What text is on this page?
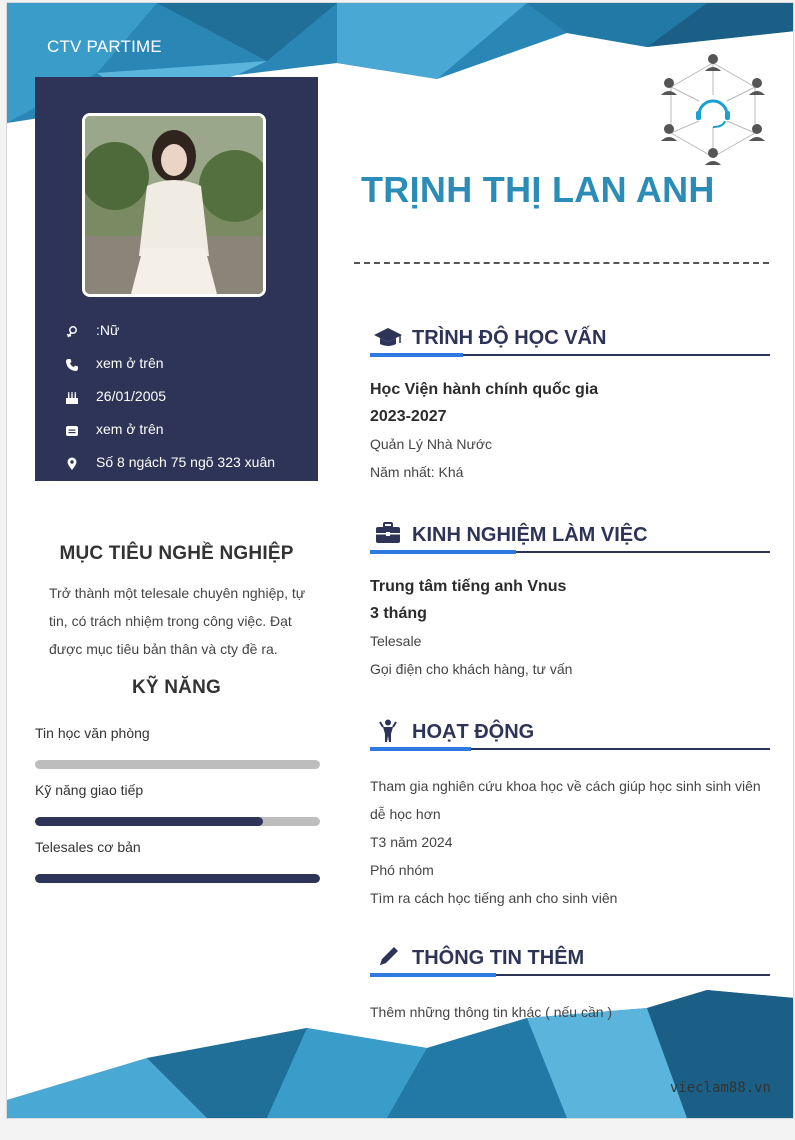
CTV PARTIME
:Nữ
xem ở trên
26/01/2005
xem ở trên
Số 8 ngách 75 ngõ 323 xuân
MỤC TIÊU NGHỀ NGHIỆP
Trở thành một telesale chuyên nghiệp, tự tin, có trách nhiệm trong công việc. Đạt được mục tiêu bản thân và cty đề ra.
KỸ NĂNG
Tin học văn phòng
Kỹ năng giao tiếp
Telesales cơ bản
TRỊNH THỊ LAN ANH
TRÌNH ĐỘ HỌC VẤN
Học Viện hành chính quốc gia
2023-2027
Quản Lý Nhà Nước
Năm nhất: Khá
KINH NGHIỆM LÀM VIỆC
Trung tâm tiếng anh Vnus
3 tháng
Telesale
Gọi điện cho khách hàng, tư vấn
HOẠT ĐỘNG
Tham gia nghiên cứu khoa học về cách giúp học sinh sinh viên dễ học hơn
T3 năm 2024
Phó nhóm
Tìm ra cách học tiếng anh cho sinh viên
THÔNG TIN THÊM
Thêm những thông tin khác ( nếu cần )
vieclam88.vn
